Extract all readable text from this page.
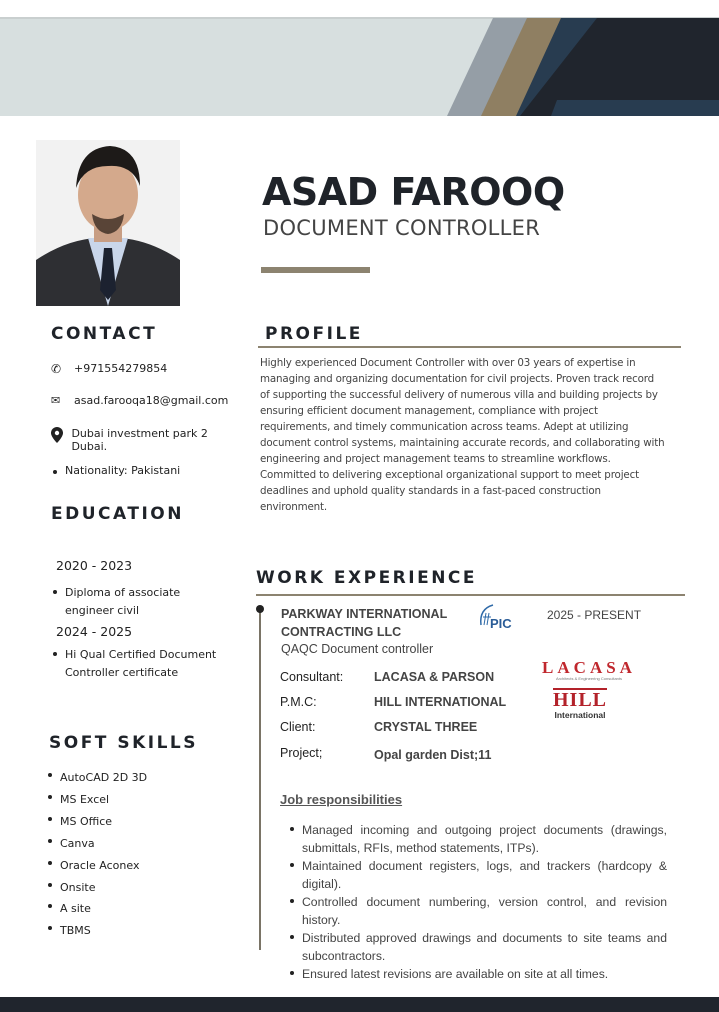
ASAD FAROOQ
DOCUMENT CONTROLLER
CONTACT
✆	+971554279854
✉	asad.farooqa18@gmail.com
Dubai investment park 2 Dubai.
Nationality: Pakistani
EDUCATION
2020 - 2023
Diploma of associate engineer civil
2024 - 2025
Hi Qual Certified Document Controller certificate
SOFT SKILLS
AutoCAD 2D 3D
MS Excel
MS Office
Canva
Oracle Aconex
Onsite
A site
TBMS
PROFILE
Highly experienced Document Controller with over 03 years of expertise in
managing and organizing documentation for civil projects. Proven track record
of supporting the successful delivery of numerous villa and building projects by
ensuring efficient document management, compliance with project
requirements, and timely communication across teams. Adept at utilizing
document control systems, maintaining accurate records, and collaborating with
engineering and project management teams to streamline workflows.
Committed to delivering exceptional organizational support to meet project
deadlines and uphold quality standards in a fast-paced construction
environment.
WORK EXPERIENCE
PARKWAY INTERNATIONAL
CONTRACTING LLC
PIC
2025 - PRESENT
QAQC Document controller
Consultant:	LACASA & PARSON
P.M.C:	HILL INTERNATIONAL
Client:	CRYSTAL THREE
Project;	Opal garden Dist;11
LACASA
Architects & Engineering Consultants
HILL
International
Job responsibilities
Managed incoming and outgoing project documents (drawings, submittals, RFIs, method statements, ITPs).
Maintained document registers, logs, and trackers (hardcopy & digital).
Controlled document numbering, version control, and revision history.
Distributed approved drawings and documents to site teams and subcontractors.
Ensured latest revisions are available on site at all times.
